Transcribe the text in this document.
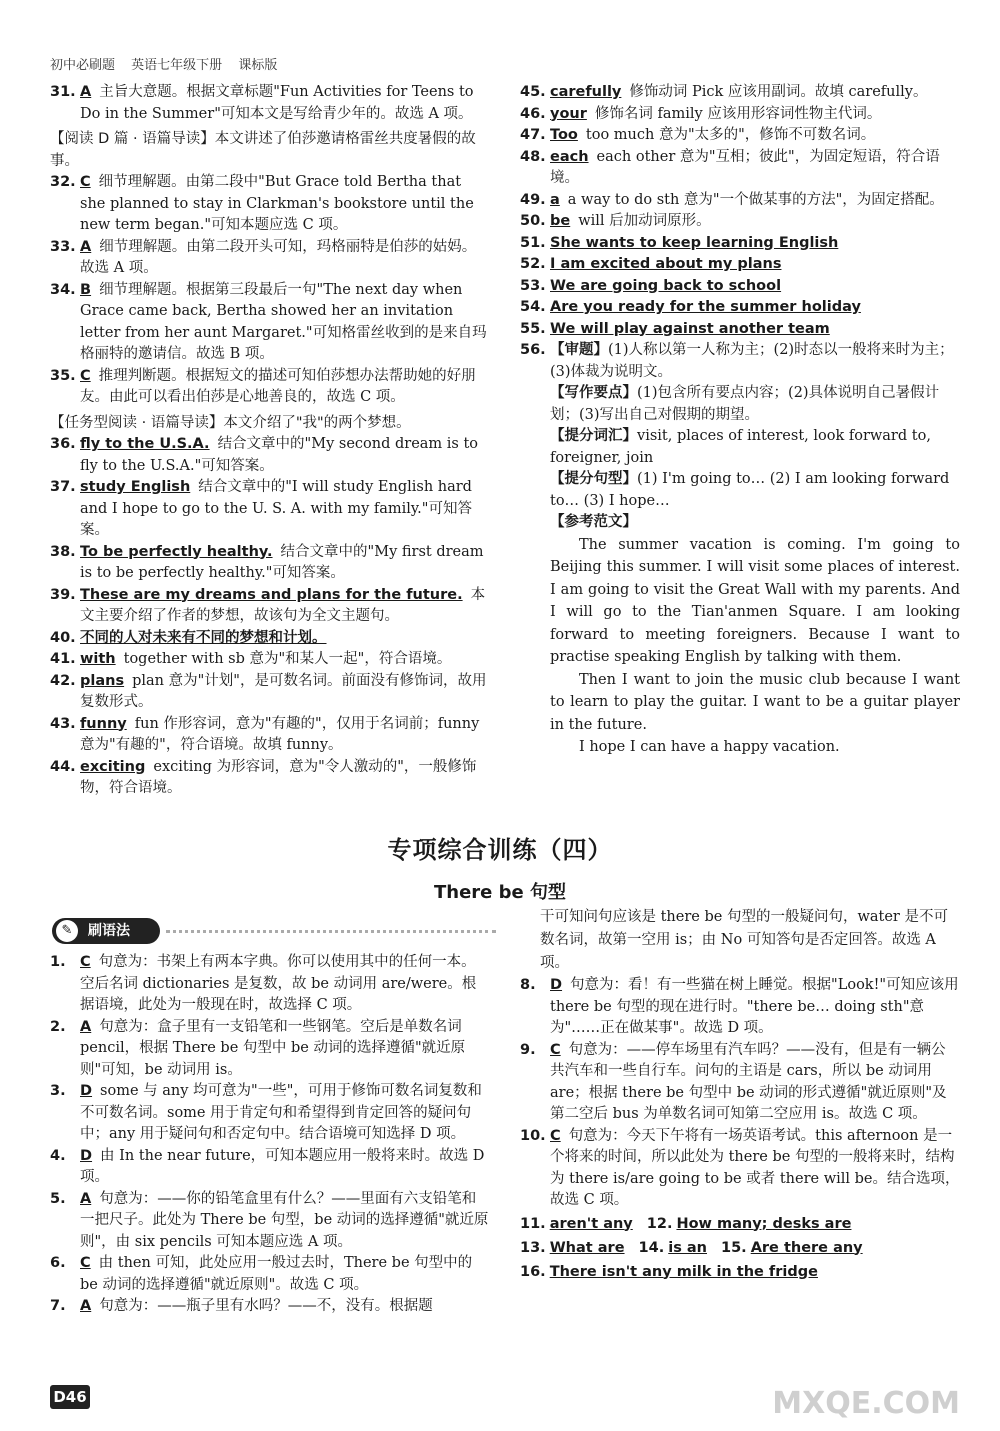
初中必刷题 英语七年级下册 课标版
31. A 主旨大意题。根据文章标题"Fun Activities for Teens to Do in the Summer"可知本文是写给青少年的。故选 A 项。
【阅读 D 篇 · 语篇导读】本文讲述了伯莎邀请格雷丝共度暑假的故事。
32. C 细节理解题。由第二段中"But Grace told Bertha that she planned to stay in Clarkman's bookstore until the new term began."可知本题应选 C 项。
33. A 细节理解题。由第二段开头可知，玛格丽特是伯莎的姑妈。故选 A 项。
34. B 细节理解题。根据第三段最后一句"The next day when Grace came back, Bertha showed her an invitation letter from her aunt Margaret."可知格雷丝收到的是来自玛格丽特的邀请信。故选 B 项。
35. C 推理判断题。根据短文的描述可知伯莎想办法帮助她的好朋友。由此可以看出伯莎是心地善良的，故选 C 项。
【任务型阅读 · 语篇导读】本文介绍了"我"的两个梦想。
36. fly to the U.S.A. 结合文章中的"My second dream is to fly to the U.S.A."可知答案。
37. study English 结合文章中的"I will study English hard and I hope to go to the U. S. A. with my family."可知答案。
38. To be perfectly healthy. 结合文章中的"My first dream is to be perfectly healthy."可知答案。
39. These are my dreams and plans for the future. 本文主要介绍了作者的梦想，故该句为全文主题句。
40. 不同的人对未来有不同的梦想和计划。
41. with together with sb 意为"和某人一起"，符合语境。
42. plans plan 意为"计划"，是可数名词。前面没有修饰词，故用复数形式。
43. funny fun 作形容词，意为"有趣的"，仅用于名词前；funny 意为"有趣的"，符合语境。故填 funny。
44. exciting exciting 为形容词，意为"令人激动的"，一般修饰物，符合语境。
45. carefully 修饰动词 Pick 应该用副词。故填 carefully。
46. your 修饰名词 family 应该用形容词性物主代词。
47. Too too much 意为"太多的"，修饰不可数名词。
48. each each other 意为"互相；彼此"，为固定短语，符合语境。
49. a a way to do sth 意为"一个做某事的方法"，为固定搭配。
50. be will 后加动词原形。
51. She wants to keep learning English
52. I am excited about my plans
53. We are going back to school
54. Are you ready for the summer holiday
55. We will play against another team
56. 【审题】(1)人称以第一人称为主；(2)时态以一般将来时为主；(3)体裁为说明文。
【写作要点】(1)包含所有要点内容；(2)具体说明自己暑假计划；(3)写出自己对假期的期望。
【提分词汇】visit, places of interest, look forward to, foreigner, join
【提分句型】(1) I'm going to… (2) I am looking forward to… (3) I hope…
【参考范文】

The summer vacation is coming. I'm going to Beijing this summer. I will visit some places of interest. I am going to visit the Great Wall with my parents. And I will go to the Tian'anmen Square. I am looking forward to meeting foreigners. Because I want to practise speaking English by talking with them.

Then I want to join the music club because I want to learn to play the guitar. I want to be a guitar player in the future.

I hope I can have a happy vacation.

专项综合训练（四）
There be 句型
✎	刷语法
1. C 句意为：书架上有两本字典。你可以使用其中的任何一本。空后名词 dictionaries 是复数，故 be 动词用 are/were。根据语境，此处为一般现在时，故选择 C 项。
2. A 句意为：盒子里有一支铅笔和一些钢笔。空后是单数名词 pencil，根据 There be 句型中 be 动词的选择遵循"就近原则"可知，be 动词用 is。
3. D some 与 any 均可意为"一些"，可用于修饰可数名词复数和不可数名词。some 用于肯定句和希望得到肯定回答的疑问句中；any 用于疑问句和否定句中。结合语境可知选择 D 项。
4. D 由 In the near future，可知本题应用一般将来时。故选 D 项。
5. A 句意为：——你的铅笔盒里有什么？——里面有六支铅笔和一把尺子。此处为 There be 句型，be 动词的选择遵循"就近原则"，由 six pencils 可知本题应选 A 项。
6. C 由 then 可知，此处应用一般过去时，There be 句型中的 be 动词的选择遵循"就近原则"。故选 C 项。
7. A 句意为：——瓶子里有水吗？——不，没有。根据题
干可知问句应该是 there be 句型的一般疑问句，water 是不可数名词，故第一空用 is；由 No 可知答句是否定回答。故选 A 项。
8. D 句意为：看！有一些猫在树上睡觉。根据"Look!"可知应该用 there be 句型的现在进行时。"there be… doing sth"意为"……正在做某事"。故选 D 项。
9. C 句意为：——停车场里有汽车吗？——没有，但是有一辆公共汽车和一些自行车。问句的主语是 cars，所以 be 动词用 are；根据 there be 句型中 be 动词的形式遵循"就近原则"及第二空后 bus 为单数名词可知第二空应用 is。故选 C 项。
10. C 句意为：今天下午将有一场英语考试。this afternoon 是一个将来的时间，所以此处为 there be 句型的一般将来时，结构为 there is/are going to be 或者 there will be。结合选项，故选 C 项。
11. aren't any 12. How many; desks are
13. What are 14. is an 15. Are there any
16. There isn't any milk in the fridge
D46	MXQE.COM
